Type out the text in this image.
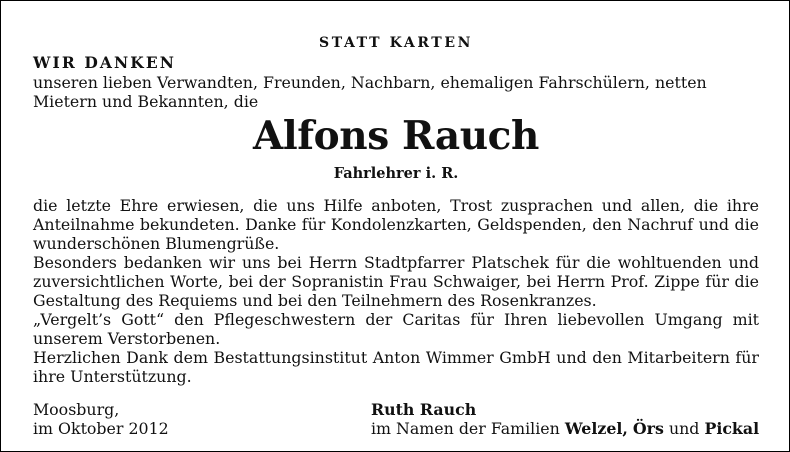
STATT KARTEN
WIR DANKEN
unseren lieben Verwandten, Freunden, Nachbarn, ehemaligen Fahrschülern, netten Mietern und Bekannten, die
Alfons Rauch
Fahrlehrer i. R.

die letzte Ehre erwiesen, die uns Hilfe anboten, Trost zusprachen und allen, die ihre Anteilnahme bekundeten. Danke für Kondolenzkarten, Geldspenden, den Nachruf und die wunderschönen Blumengrüße.

Besonders bedanken wir uns bei Herrn Stadtpfarrer Platschek für die wohltuenden und zuversichtlichen Worte, bei der Sopranistin Frau Schwaiger, bei Herrn Prof. Zippe für die Gestaltung des Requiems und bei den Teilnehmern des Rosenkranzes.

„Vergelt’s Gott“ den Pflegeschwestern der Caritas für Ihren liebevollen Umgang mit unserem Verstorbenen.

Herzlichen Dank dem Bestattungsinstitut Anton Wimmer GmbH und den Mitarbeitern für ihre Unterstützung.

Moosburg,
im Oktober 2012
Ruth Rauch
im Namen der Familien Welzel, Örs und Pickal
